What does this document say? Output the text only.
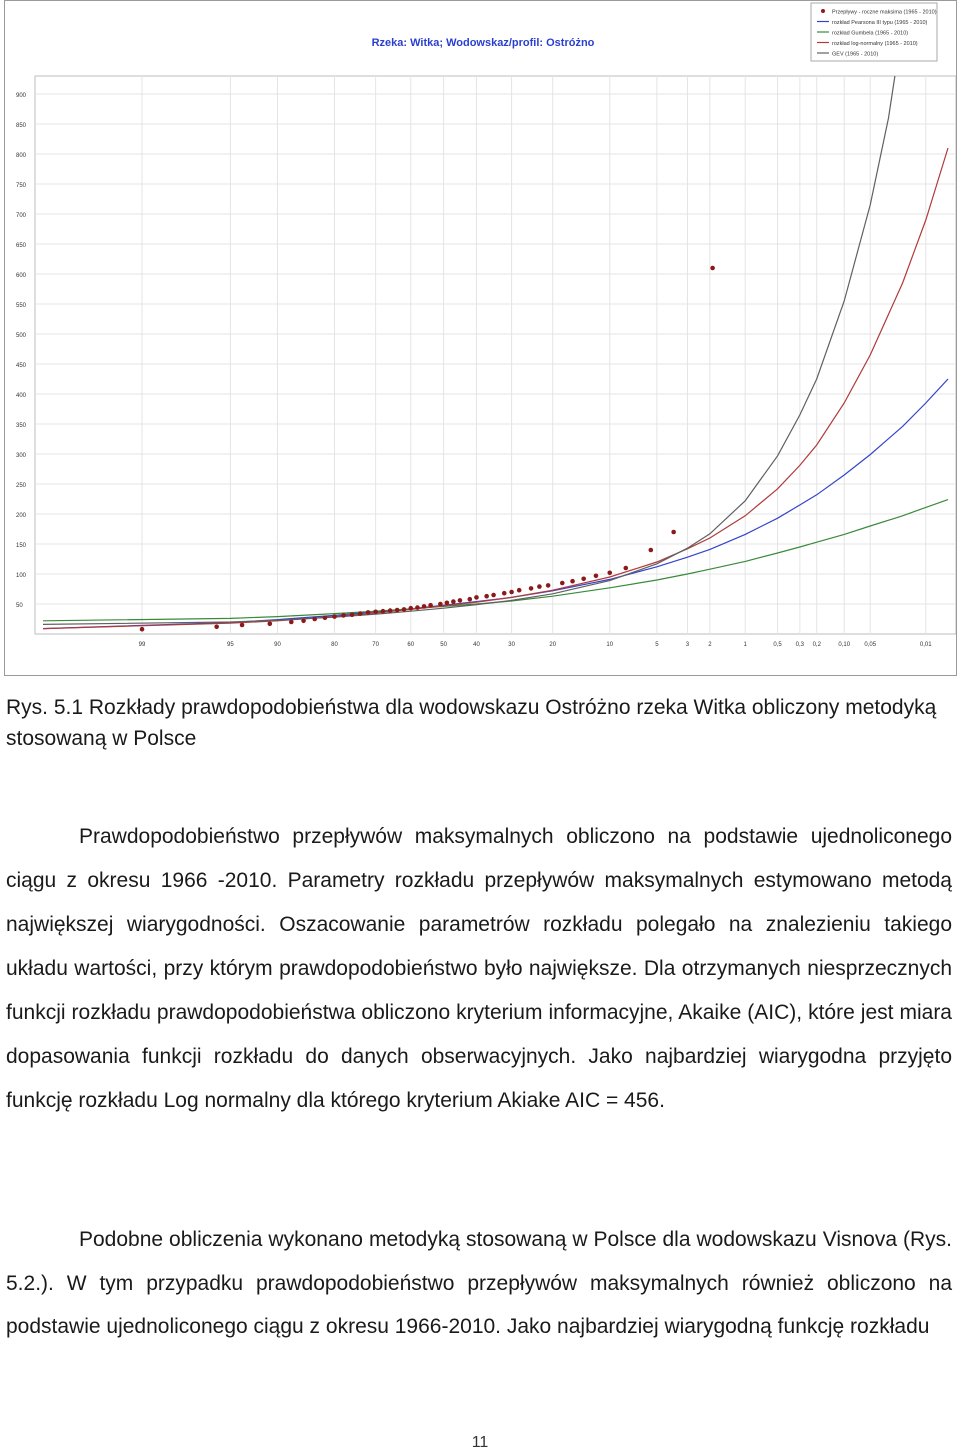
Rzeka: Witka; Wodowskaz/profil: Ostróżno
50
100
150
200
250
300
350
400
450
500
550
600
650
700
750
800
850
900
99	95	90	80	70	60	50	40	30	20	10	5	3	2	1	0,5 0,3 0,2	0,10 0,05	0,01
Przepływy - roczne maksima (1965 - 2010)
rozkład Pearsona III typu (1965 - 2010)
rozkład Gumbela (1965 - 2010)
rozkład log-normalny (1965 - 2010)
GEV (1965 - 2010)
Rys. 5.1 Rozkłady prawdopodobieństwa dla wodowskazu Ostróżno rzeka Witka obliczony metodyką stosowaną w Polsce
Prawdopodobieństwo przepływów maksymalnych obliczono na podstawie ujednoliconego ciągu z okresu 1966 -2010. Parametry rozkładu przepływów maksymalnych estymowano metodą największej wiarygodności. Oszacowanie parametrów rozkładu polegało na znalezieniu takiego układu wartości, przy którym prawdopodobieństwo było największe. Dla otrzymanych niesprzecznych funkcji rozkładu prawdopodobieństwa obliczono kryterium informacyjne, Akaike (AIC), które jest miara dopasowania funkcji rozkładu do danych obserwacyjnych. Jako najbardziej wiarygodna przyjęto funkcję rozkładu Log normalny dla którego kryterium Akiake AIC = 456.
Podobne obliczenia wykonano metodyką stosowaną w Polsce dla wodowskazu Visnova (Rys. 5.2.). W tym przypadku prawdopodobieństwo przepływów maksymalnych również obliczono na podstawie ujednoliconego ciągu z okresu 1966-2010. Jako najbardziej wiarygodną funkcję rozkładu
11
